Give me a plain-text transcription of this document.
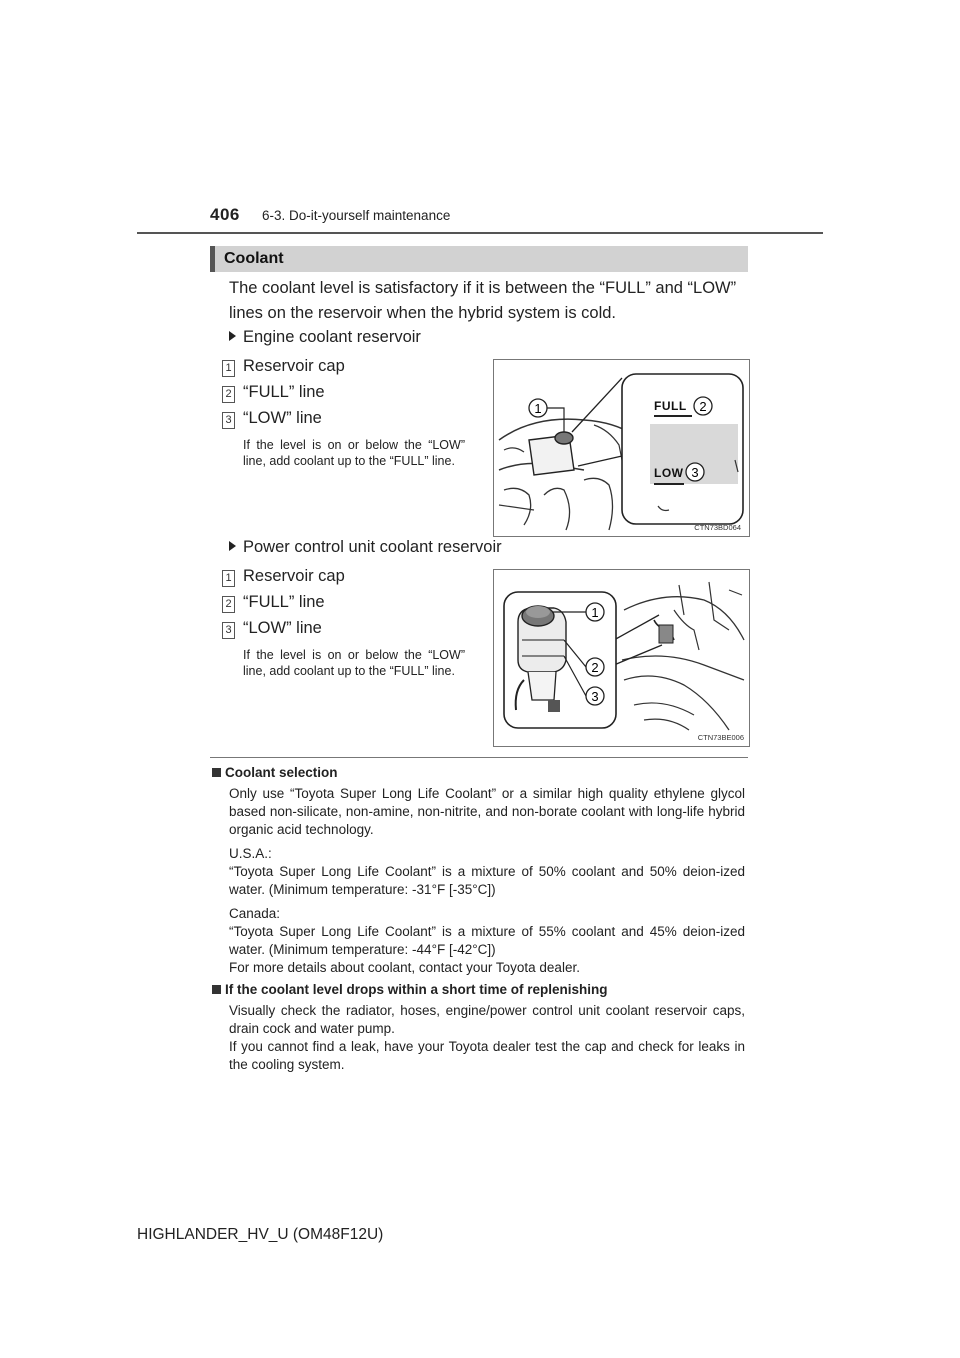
406 6-3. Do-it-yourself maintenance
Coolant
The coolant level is satisfactory if it is between the “FULL” and “LOW” lines on the reservoir when the hybrid system is cold.
Engine coolant reservoir
1 Reservoir cap
2 “FULL” line
3 “LOW” line
If the level is on or below the “LOW” line, add coolant up to the “FULL” line.
1	FULL
LOW
2
3
CTN73BD064
Power control unit coolant reservoir
1 Reservoir cap
2 “FULL” line
3 “LOW” line
If the level is on or below the “LOW” line, add coolant up to the “FULL” line.
1
2
3
CTN73BE006
Coolant selection
Only use “Toyota Super Long Life Coolant” or a similar high quality ethylene glycol based non-silicate, non-amine, non-nitrite, and non-borate coolant with long-life hybrid organic acid technology.
U.S.A.:
“Toyota Super Long Life Coolant” is a mixture of 50% coolant and 50% deion-ized water. (Minimum temperature: -31°F [-35°C])
Canada:
“Toyota Super Long Life Coolant” is a mixture of 55% coolant and 45% deion-ized water. (Minimum temperature: -44°F [-42°C])
For more details about coolant, contact your Toyota dealer.
If the coolant level drops within a short time of replenishing
Visually check the radiator, hoses, engine/power control unit coolant reservoir caps, drain cock and water pump.
If you cannot find a leak, have your Toyota dealer test the cap and check for leaks in the cooling system.
HIGHLANDER_HV_U (OM48F12U)
